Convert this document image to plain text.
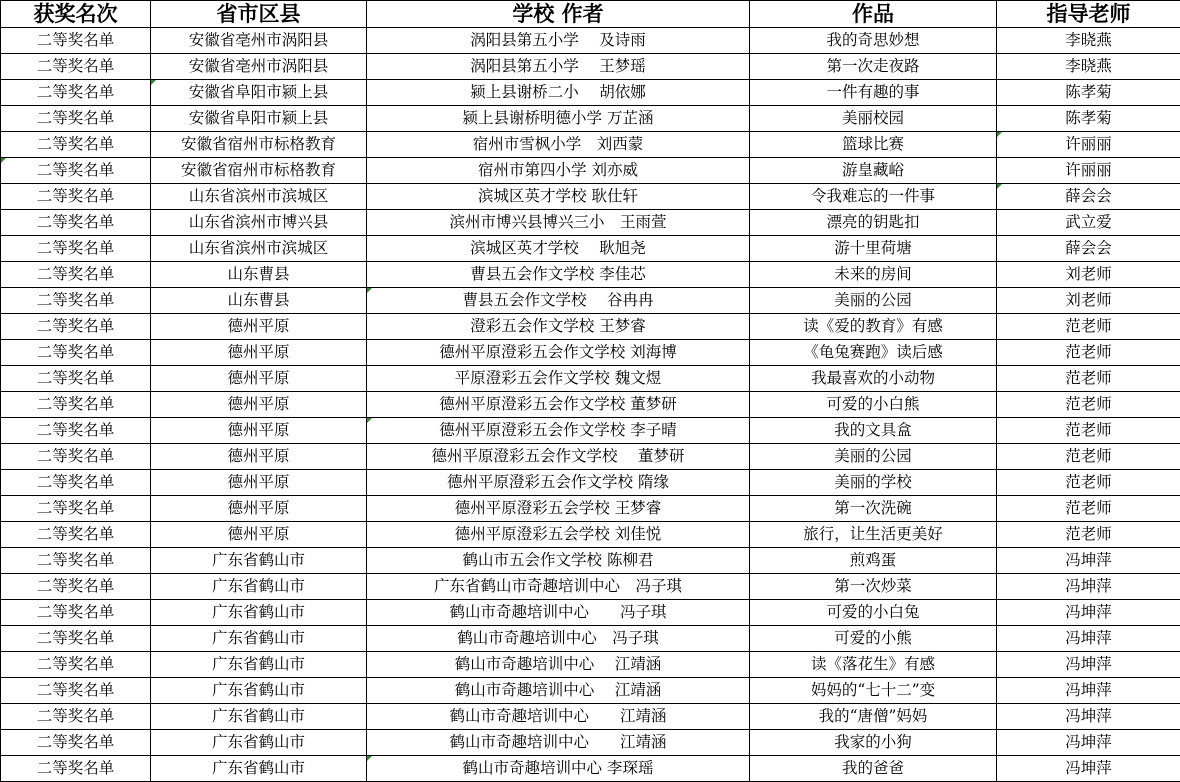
获奖名次	省市区县	学校 作者	作品	指导老师
二等奖名单	安徽省亳州市涡阳县	涡阳县第五小学　 及诗雨	我的奇思妙想	李晓燕
二等奖名单	安徽省亳州市涡阳县	涡阳县第五小学　 王梦瑶	第一次走夜路	李晓燕
二等奖名单	安徽省阜阳市颍上县	颍上县谢桥二小　 胡依娜	一件有趣的事	陈孝菊
二等奖名单	安徽省阜阳市颍上县	颍上县谢桥明德小学 万芷涵	美丽校园	陈孝菊
二等奖名单	安徽省宿州市标格教育	宿州市雪枫小学　刘西蒙	篮球比赛	许丽丽
二等奖名单	安徽省宿州市标格教育	宿州市第四小学 刘亦威	游皇藏峪	许丽丽
二等奖名单	山东省滨州市滨城区	滨城区英才学校 耿仕轩	令我难忘的一件事	薛会会
二等奖名单	山东省滨州市博兴县	滨州市博兴县博兴三小　王雨萱	漂亮的钥匙扣	武立爱
二等奖名单	山东省滨州市滨城区	滨城区英才学校　 耿旭尧	游十里荷塘	薛会会
二等奖名单	山东曹县	曹县五会作文学校 李佳芯	未来的房间	刘老师
二等奖名单	山东曹县	曹县五会作文学校　 谷冉冉	美丽的公园	刘老师
二等奖名单	德州平原	澄彩五会作文学校 王梦睿	读《爱的教育》有感	范老师
二等奖名单	德州平原	德州平原澄彩五会作文学校 刘海博	《龟兔赛跑》读后感	范老师
二等奖名单	德州平原	平原澄彩五会作文学校 魏文煜	我最喜欢的小动物	范老师
二等奖名单	德州平原	德州平原澄彩五会作文学校 董梦研	可爱的小白熊	范老师
二等奖名单	德州平原	德州平原澄彩五会作文学校 李子晴	我的文具盒	范老师
二等奖名单	德州平原	德州平原澄彩五会作文学校　 董梦研	美丽的公园	范老师
二等奖名单	德州平原	德州平原澄彩五会作文学校 隋缘	美丽的学校	范老师
二等奖名单	德州平原	德州平原澄彩五会学校 王梦睿	第一次洗碗	范老师
二等奖名单	德州平原	德州平原澄彩五会学校 刘佳悦	旅行，让生活更美好	范老师
二等奖名单	广东省鹤山市	鹤山市五会作文学校 陈柳君	煎鸡蛋	冯坤萍
二等奖名单	广东省鹤山市	广东省鹤山市奇趣培训中心　冯子琪	第一次炒菜	冯坤萍
二等奖名单	广东省鹤山市	鹤山市奇趣培训中心　　冯子琪	可爱的小白兔	冯坤萍
二等奖名单	广东省鹤山市	鹤山市奇趣培训中心　冯子琪	可爱的小熊	冯坤萍
二等奖名单	广东省鹤山市	鹤山市奇趣培训中心　 江靖涵	读《落花生》有感	冯坤萍
二等奖名单	广东省鹤山市	鹤山市奇趣培训中心　 江靖涵	妈妈的“七十二”变	冯坤萍
二等奖名单	广东省鹤山市	鹤山市奇趣培训中心　　江靖涵	我的“唐僧”妈妈	冯坤萍
二等奖名单	广东省鹤山市	鹤山市奇趣培训中心　　江靖涵	我家的小狗	冯坤萍
二等奖名单	广东省鹤山市	鹤山市奇趣培训中心 李琛瑶	我的爸爸	冯坤萍
